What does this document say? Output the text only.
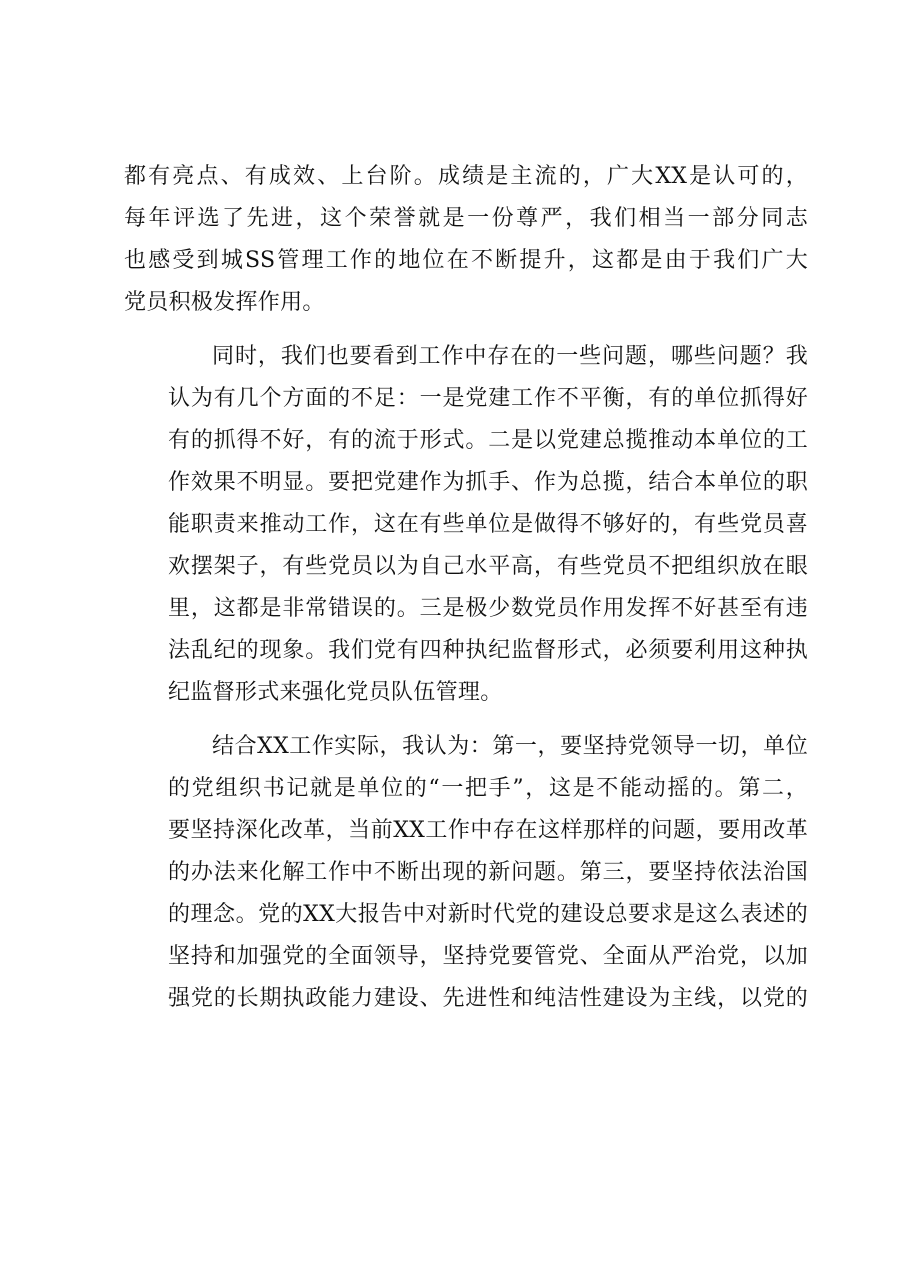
都有亮点、有成效、上台阶。成绩是主流的，广大XX是认可的，
每年评选了先进，这个荣誉就是一份尊严，我们相当一部分同志
也感受到城SS管理工作的地位在不断提升，这都是由于我们广大
党员积极发挥作用。
同时，我们也要看到工作中存在的一些问题，哪些问题？我
认为有几个方面的不足：一是党建工作不平衡，有的单位抓得好
有的抓得不好，有的流于形式。二是以党建总揽推动本单位的工
作效果不明显。要把党建作为抓手、作为总揽，结合本单位的职
能职责来推动工作，这在有些单位是做得不够好的，有些党员喜
欢摆架子，有些党员以为自己水平高，有些党员不把组织放在眼
里，这都是非常错误的。三是极少数党员作用发挥不好甚至有违
法乱纪的现象。我们党有四种执纪监督形式，必须要利用这种执
纪监督形式来强化党员队伍管理。
结合XX工作实际，我认为：第一，要坚持党领导一切，单位
的党组织书记就是单位的“一把手”，这是不能动摇的。第二，
要坚持深化改革，当前XX工作中存在这样那样的问题，要用改革
的办法来化解工作中不断出现的新问题。第三，要坚持依法治国
的理念。党的XX大报告中对新时代党的建设总要求是这么表述的
坚持和加强党的全面领导，坚持党要管党、全面从严治党，以加
强党的长期执政能力建设、先进性和纯洁性建设为主线，以党的
